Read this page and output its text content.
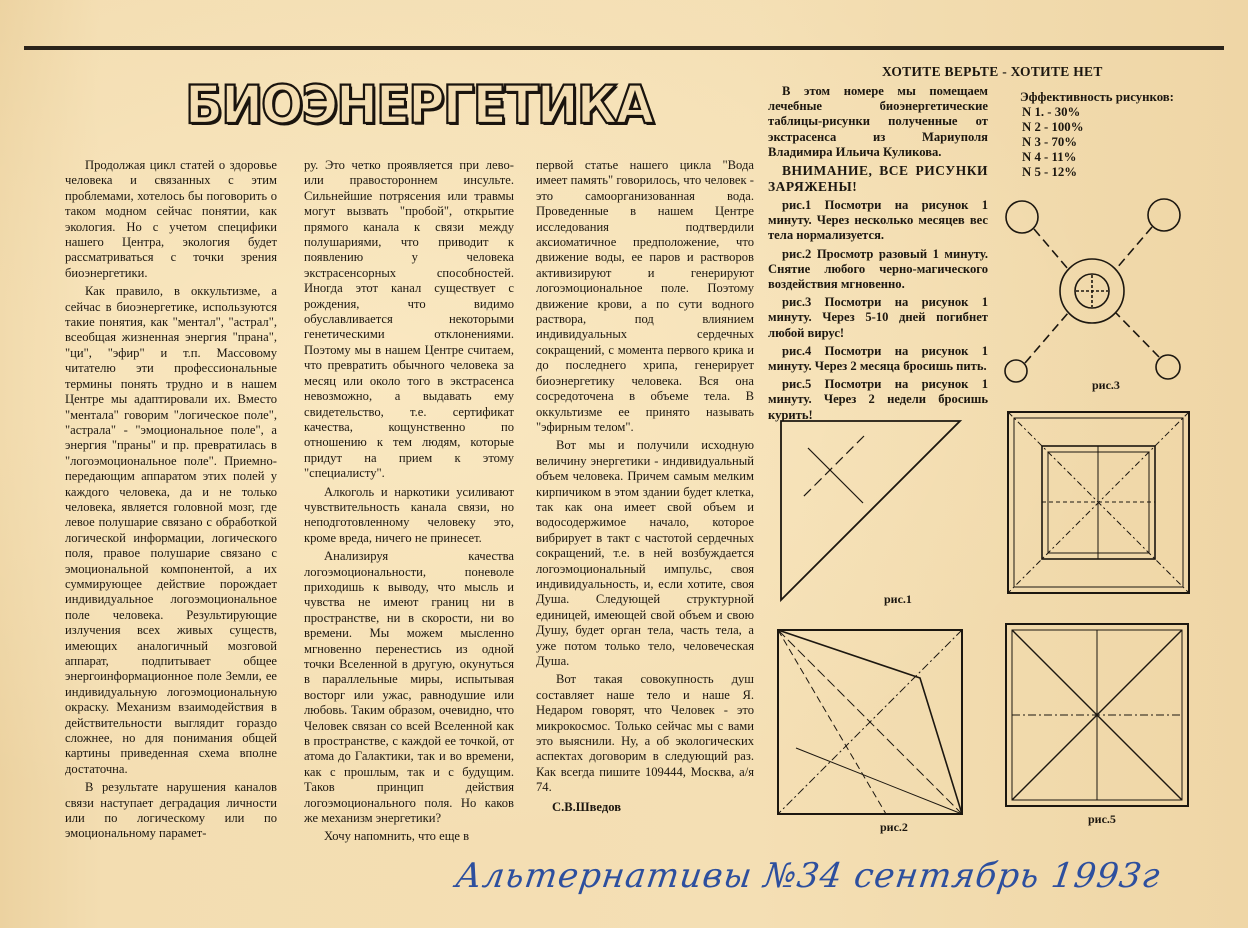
ХОТИТЕ ВЕРЬТЕ - ХОТИТЕ НЕТ
БИОЭНЕРГЕТИКА

Продолжая цикл статей о здоровье человека и связанных с этим проблемами, хотелось бы поговорить о таком модном сейчас понятии, как экология. Но с учетом специфики нашего Центра, экология будет рассматриваться с точки зрения биоэнергетики.

Как правило, в оккультизме, а сейчас в биоэнергетике, используются такие понятия, как "ментал", "астрал", всеобщая жизненная энергия "прана", "ци", "эфир" и т.п. Массовому читателю эти профессиональные термины понять трудно и в нашем Центре мы адаптировали их. Вместо "ментала" говорим "логическое поле", "астрала" - "эмоциональное поле", а энергия "праны" и пр. превратилась в "логоэмоциональное поле". Приемно-передающим аппаратом этих полей у каждого человека, да и не только человека, является головной мозг, где левое полушарие связано с обработкой логической информации, логического поля, правое полушарие связано с эмоциональной компонентой, а их суммирующее действие порождает индивидуальное логоэмоциональное поле человека. Результирующие излучения всех живых существ, имеющих аналогичный мозговой аппарат, подпитывает общее энергоинформационное поле Земли, ее индивидуальную логоэмоциональную окраску. Механизм взаимодействия в действительности выглядит гораздо сложнее, но для понимания общей картины приведенная схема вполне достаточна.

В результате нарушения каналов связи наступает деградация личности или по логическому или по эмоциональному парамет-

ру. Это четко проявляется при лево- или правостороннем инсульте. Сильнейшие потрясения или травмы могут вызвать "пробой", открытие прямого канала к связи между полушариями, что приводит к появлению у человека экстрасенсорных способностей. Иногда этот канал существует с рождения, что видимо обуславливается некоторыми генетическими отклонениями. Поэтому мы в нашем Центре считаем, что превратить обычного человека за месяц или около того в экстрасенса невозможно, а выдавать ему свидетельство, т.е. сертификат качества, кощунственно по отношению к тем людям, которые придут на прием к этому "специалисту".

Алкоголь и наркотики усиливают чувствительность канала связи, но неподготовленному человеку это, кроме вреда, ничего не принесет.

Анализируя качества логоэмоциональности, поневоле приходишь к выводу, что мысль и чувства не имеют границ ни в пространстве, ни в скорости, ни во времени. Мы можем мысленно мгновенно перенестись из одной точки Вселенной в другую, окунуться в параллельные миры, испытывая восторг или ужас, равнодушие или любовь. Таким образом, очевидно, что Человек связан со всей Вселенной как в пространстве, с каждой ее точкой, от атома до Галактики, так и во времени, как с прошлым, так и с будущим. Таков принцип действия логоэмоционального поля. Но каков же механизм энергетики?

Хочу напомнить, что еще в

первой статье нашего цикла "Вода имеет память" говорилось, что человек - это самоорганизованная вода. Проведенные в нашем Центре исследования подтвердили аксиоматичное предположение, что движение воды, ее паров и растворов активизируют и генерируют логоэмоциональное поле. Поэтому движение крови, а по сути водного раствора, под влиянием индивидуальных сердечных сокращений, с момента первого крика и до последнего хрипа, генерирует биоэнергетику человека. Вся она сосредоточена в объеме тела. В оккультизме ее принято называть "эфирным телом".

Вот мы и получили исходную величину энергетики - индивидуальный объем человека. Причем самым мелким кирпичиком в этом здании будет клетка, так как она имеет свой объем и водосодержимое начало, которое вибрирует в такт с частотой сердечных сокращений, т.е. в ней возбуждается логоэмоциональный импульс, своя индивидуальность, и, если хотите, своя Душа. Следующей структурной единицей, имеющей свой объем и свою Душу, будет орган тела, часть тела, а уже потом только тело, человеческая Душа.

Вот такая совокупность душ составляет наше тело и наше Я. Недаром говорят, что Человек - это микрокосмос. Только сейчас мы с вами это выяснили. Ну, а об экологических аспектах договорим в следующий раз. Как всегда пишите 109444, Москва, а/я 74.

С.В.Шведов

В этом номере мы помещаем лечебные биоэнергетические таблицы-рисунки полученные от экстрасенса из Мариуполя Владимира Ильича Куликова.

ВНИМАНИЕ, ВСЕ РИСУНКИ ЗАРЯЖЕНЫ!

рис.1 Посмотри на рисунок 1 минуту. Через несколько месяцев вес тела нормализуется.

рис.2 Просмотр разовый 1 минуту. Снятие любого черно-магического воздействия мгновенно.

рис.3 Посмотри на рисунок 1 минуту. Через 5-10 дней погибнет любой вирус!

рис.4 Посмотри на рисунок 1 минуту. Через 2 месяца бросишь пить.

рис.5 Посмотри на рисунок 1 минуту. Через 2 недели бросишь курить!

Эффективность рисунков:
N 1. - 30%
N 2 - 100%
N 3 - 70%
N 4 - 11%
N 5 - 12%
рис.3
рис.1
рис.2
рис.5
Альтернативы №34 сентябрь 1993г
